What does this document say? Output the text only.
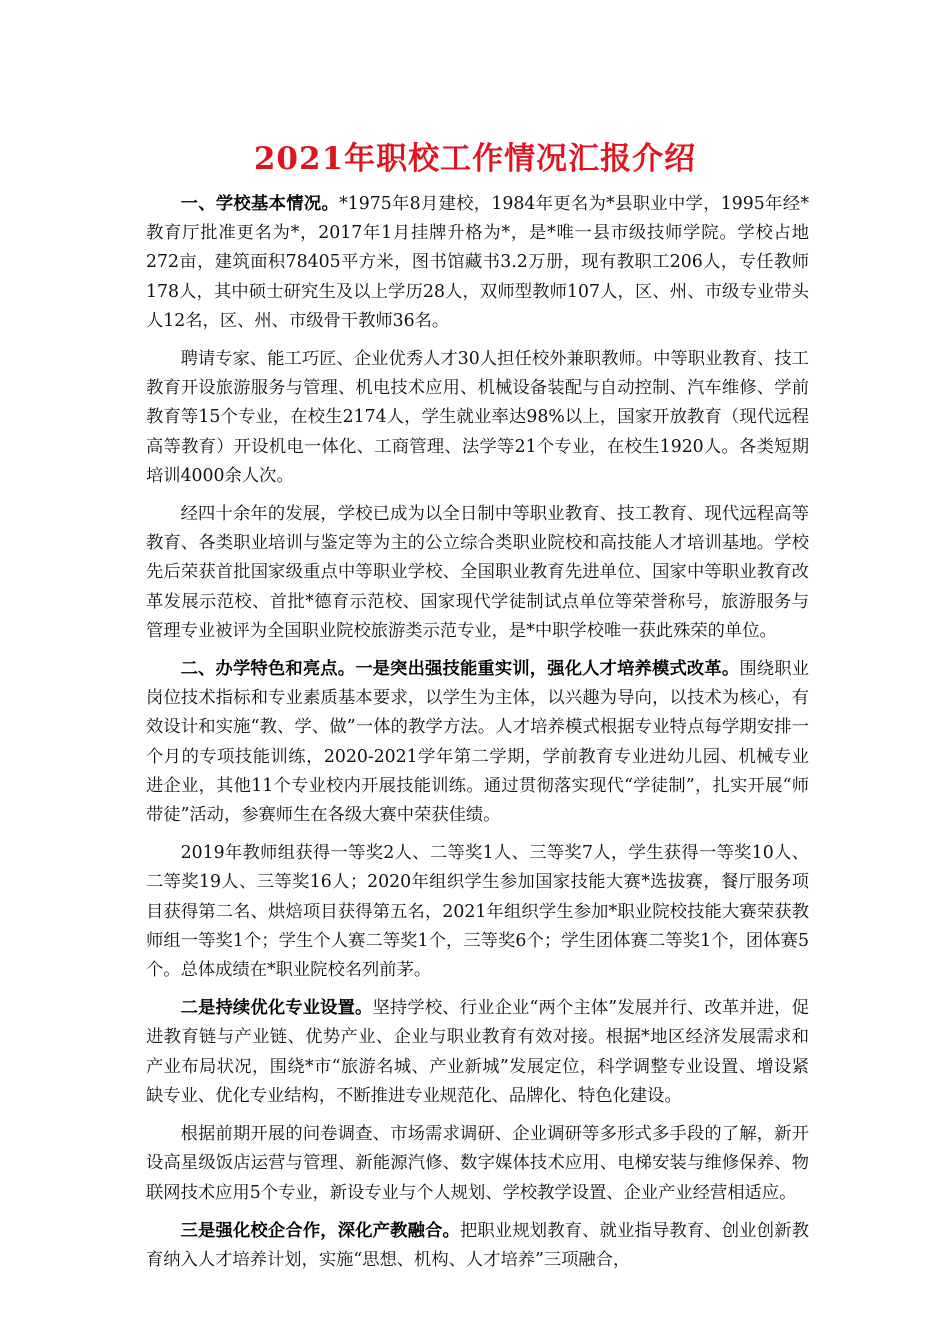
2021年职校工作情况汇报介绍

一、学校基本情况。*1975年8月建校，1984年更名为*县职业中学，1995年经*教育厅批准更名为*，2017年1月挂牌升格为*，是*唯一县市级技师学院。学校占地272亩，建筑面积78405平方米，图书馆藏书3.2万册，现有教职工206人，专任教师178人，其中硕士研究生及以上学历28人，双师型教师107人，区、州、市级专业带头人12名，区、州、市级骨干教师36名。

聘请专家、能工巧匠、企业优秀人才30人担任校外兼职教师。中等职业教育、技工教育开设旅游服务与管理、机电技术应用、机械设备装配与自动控制、汽车维修、学前教育等15个专业，在校生2174人，学生就业率达98%以上，国家开放教育（现代远程高等教育）开设机电一体化、工商管理、法学等21个专业，在校生1920人。各类短期培训4000余人次。

经四十余年的发展，学校已成为以全日制中等职业教育、技工教育、现代远程高等教育、各类职业培训与鉴定等为主的公立综合类职业院校和高技能人才培训基地。学校先后荣获首批国家级重点中等职业学校、全国职业教育先进单位、国家中等职业教育改革发展示范校、首批*德育示范校、国家现代学徒制试点单位等荣誉称号，旅游服务与管理专业被评为全国职业院校旅游类示范专业，是*中职学校唯一获此殊荣的单位。

二、办学特色和亮点。一是突出强技能重实训，强化人才培养模式改革。围绕职业岗位技术指标和专业素质基本要求，以学生为主体，以兴趣为导向，以技术为核心，有效设计和实施“教、学、做”一体的教学方法。人才培养模式根据专业特点每学期安排一个月的专项技能训练，2020-2021学年第二学期，学前教育专业进幼儿园、机械专业进企业，其他11个专业校内开展技能训练。通过贯彻落实现代“学徒制”，扎实开展“师带徒”活动，参赛师生在各级大赛中荣获佳绩。

2019年教师组获得一等奖2人、二等奖1人、三等奖7人，学生获得一等奖10人、二等奖19人、三等奖16人；2020年组织学生参加国家技能大赛*选拔赛，餐厅服务项目获得第二名、烘焙项目获得第五名，2021年组织学生参加*职业院校技能大赛荣获教师组一等奖1个；学生个人赛二等奖1个，三等奖6个；学生团体赛二等奖1个，团体赛5个。总体成绩在*职业院校名列前茅。

二是持续优化专业设置。坚持学校、行业企业“两个主体”发展并行、改革并进，促进教育链与产业链、优势产业、企业与职业教育有效对接。根据*地区经济发展需求和产业布局状况，围绕*市“旅游名城、产业新城”发展定位，科学调整专业设置、增设紧缺专业、优化专业结构，不断推进专业规范化、品牌化、特色化建设。

根据前期开展的问卷调查、市场需求调研、企业调研等多形式多手段的了解，新开设高星级饭店运营与管理、新能源汽修、数字媒体技术应用、电梯安装与维修保养、物联网技术应用5个专业，新设专业与个人规划、学校教学设置、企业产业经营相适应。

三是强化校企合作，深化产教融合。把职业规划教育、就业指导教育、创业创新教育纳入人才培养计划，实施“思想、机构、人才培养”三项融合，
